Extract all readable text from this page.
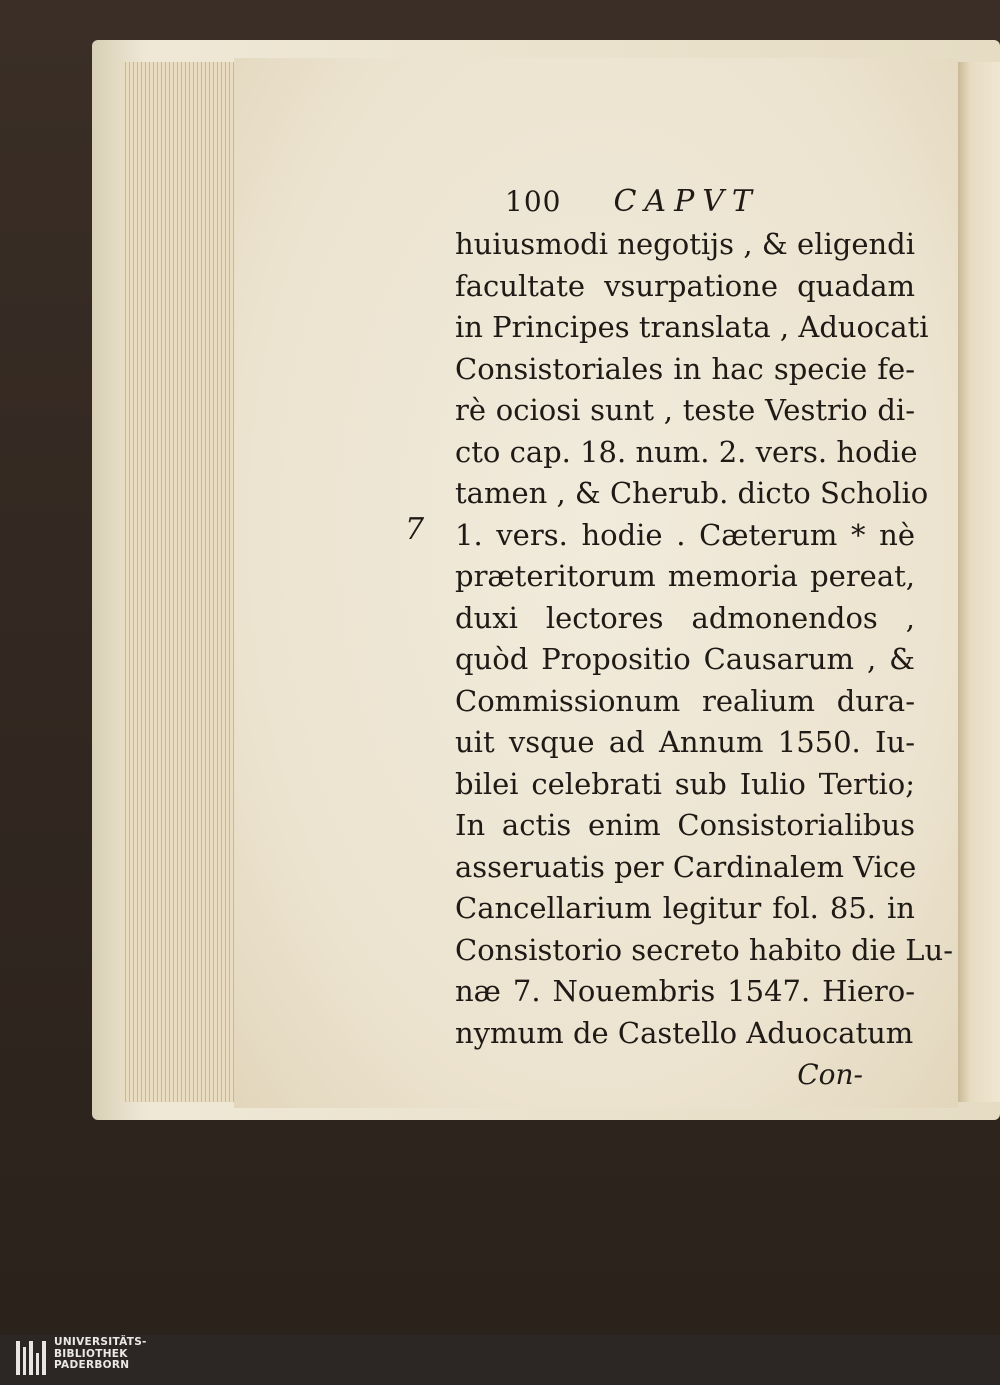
7
100 CAPVT
huiusmodi negotijs , & eligendi
facultate vsurpatione quadam
in Principes translata , Aduocati
Consistoriales in hac specie fe-
rè ociosi sunt , teste Vestrio di-
cto cap. 18. num. 2. vers. hodie
tamen , & Cherub. dicto Scholio
1. vers. hodie . Cæterum * nè
præteritorum memoria pereat,
duxi lectores admonendos ,
quòd Propositio Causarum , &
Commissionum realium dura-
uit vsque ad Annum 1550. Iu-
bilei celebrati sub Iulio Tertio;
In actis enim Consistorialibus
asseruatis per Cardinalem Vice
Cancellarium legitur fol. 85. in
Consistorio secreto habito die Lu-
næ 7. Nouembris 1547. Hiero-
nymum de Castello Aduocatum
Con-
UNIVERSITÄTS-
BIBLIOTHEK
PADERBORN
